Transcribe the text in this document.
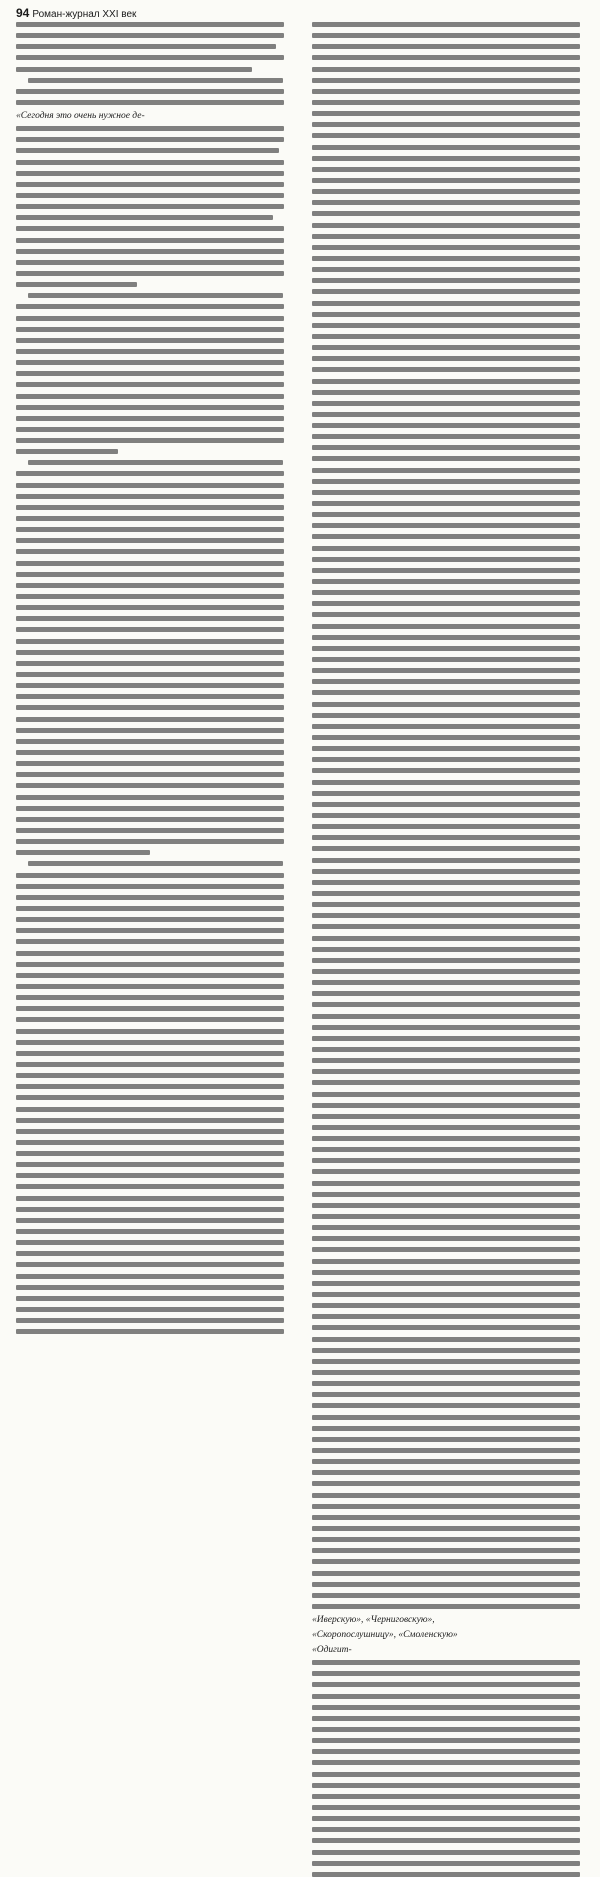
94 Роман-журнал XXI век
«Сегодня это очень нужное де-
«Иверскую», «Черниговскую»,
«Скоропослушницу», «Смоленскую»
«Одигит-
